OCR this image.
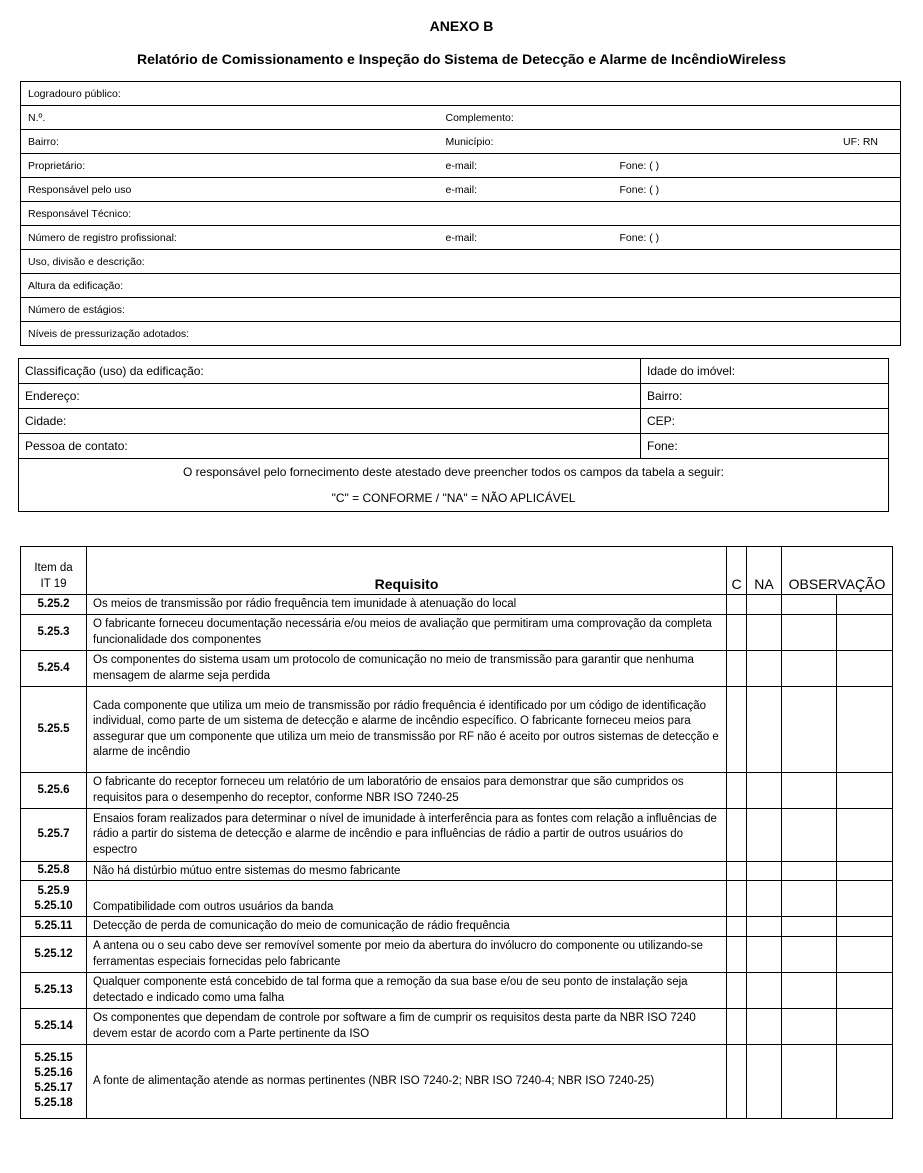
ANEXO B
Relatório de Comissionamento e Inspeção do Sistema de Detecção e Alarme de IncêndioWireless
Logradouro público:		
N.º.	Complemento:	
Bairro:	Município:	UF: RN

Proprietário:	e-mail:	Fone: ( )
Responsável pelo uso	e-mail:	Fone: ( )
Responsável Técnico:		
Número de registro profissional:	e-mail:	Fone: ( )
Uso, divisão e descrição:		
Altura da edificação:		
Número de estágios:		
Níveis de pressurização adotados:		
Classificação (uso) da edificação:	Idade do imóvel:
Endereço:	Bairro:
Cidade:	CEP:
Pessoa de contato:	Fone:

O responsável pelo fornecimento deste atestado deve preencher todos os campos da tabela a seguir:
"C" = CONFORME / "NA" = NÃO APLICÁVEL	
Item da
IT 19	Requisito	C	NA	OBSERVAÇÃO	
5.25.2	Os meios de transmissão por rádio frequência tem imunidade à atenuação do local				
5.25.3	O fabricante forneceu documentação necessária e/ou meios de avaliação que permitiram uma comprovação da completa funcionalidade dos componentes				
5.25.4	Os componentes do sistema usam um protocolo de comunicação no meio de transmissão para garantir que nenhuma mensagem de alarme seja perdida				
5.25.5	Cada componente que utiliza um meio de transmissão por rádio frequência é identificado por um código de identificação individual, como parte de um sistema de detecção e alarme de incêndio específico. O fabricante forneceu meios para assegurar que um componente que utiliza um meio de transmissão por RF não é aceito por outros sistemas de detecção e alarme de incêndio				
5.25.6	O fabricante do receptor forneceu um relatório de um laboratório de ensaios para demonstrar que são cumpridos os requisitos para o desempenho do receptor, conforme NBR ISO 7240-25				
5.25.7	Ensaios foram realizados para determinar o nível de imunidade à interferência para as fontes com relação a influências de rádio a partir do sistema de detecção e alarme de incêndio e para influências de rádio a partir de outros usuários do espectro				
5.25.8	Não há distúrbio mútuo entre sistemas do mesmo fabricante				
5.25.9
5.25.10	Compatibilidade com outros usuários da banda				
5.25.11	Detecção de perda de comunicação do meio de comunicação de rádio frequência				
5.25.12	A antena ou o seu cabo deve ser removível somente por meio da abertura do invólucro do componente ou utilizando-se ferramentas especiais fornecidas pelo fabricante				
5.25.13	Qualquer componente está concebido de tal forma que a remoção da sua base e/ou de seu ponto de instalação seja detectado e indicado como uma falha				
5.25.14	Os componentes que dependam de controle por software a fim de cumprir os requisitos desta parte da NBR ISO 7240 devem estar de acordo com a Parte pertinente da ISO				
5.25.15
5.25.16
5.25.17
5.25.18	A fonte de alimentação atende as normas pertinentes (NBR ISO 7240-2; NBR ISO 7240-4; NBR ISO 7240-25)				
